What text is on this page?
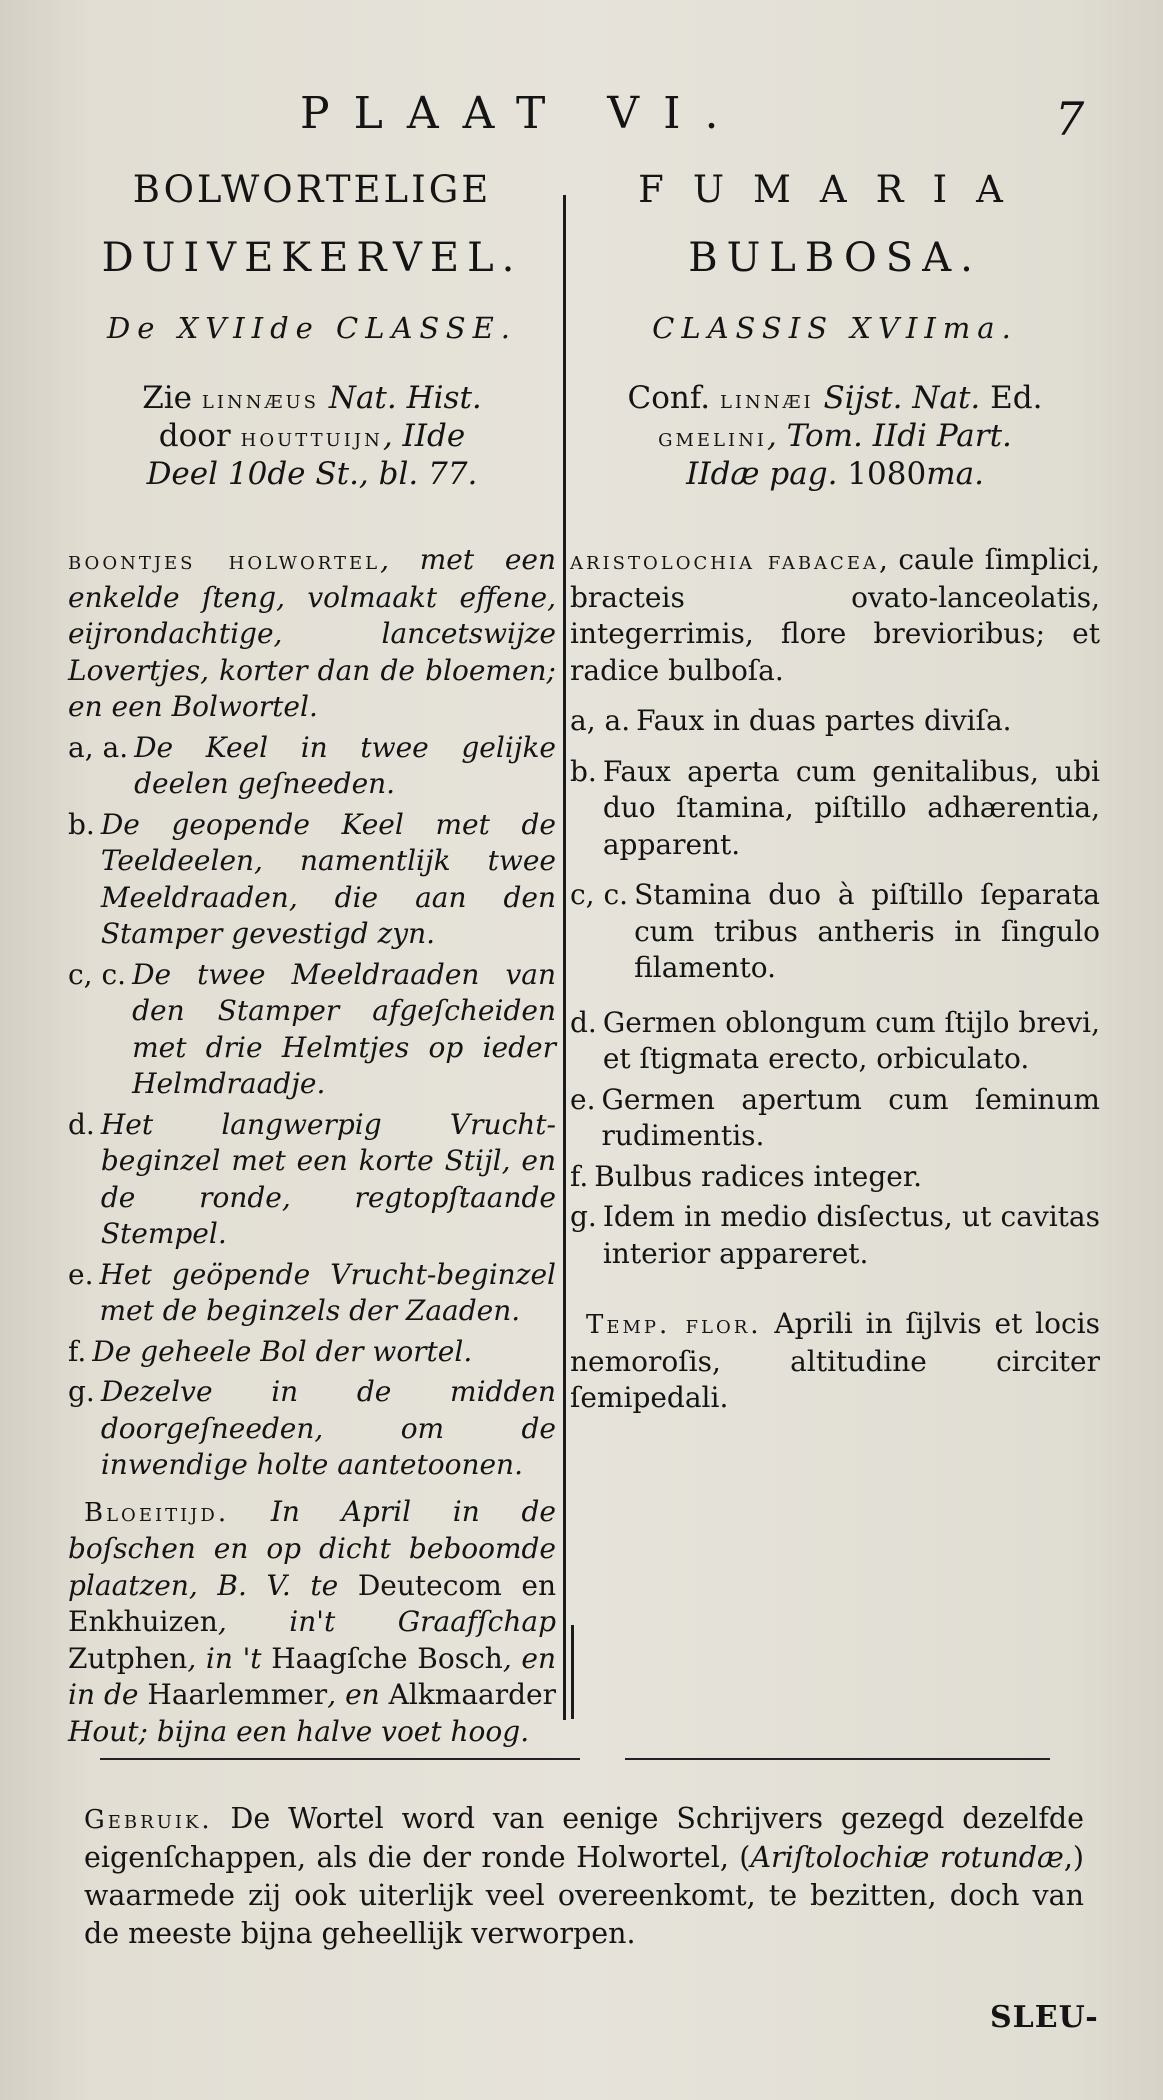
PLAAT VI.	7

BOLWORTELIGE

DUIVEKERVEL.

De XVIIde CLASSE.

Zie linnæus Nat. Hist.
door houttuijn, IIde
Deel 10de St., bl. 77.
boontjes holwortel, met een enkelde ſteng, volmaakt effene, eijrondachtige, lancetswijze Lovertjes, korter dan de bloemen; en een Bolwortel.
a, a. De Keel in twee gelijke deelen geſneeden.
b. De geopende Keel met de Teeldeelen, namentlijk twee Meeldraaden, die aan den Stamper gevestigd zyn.
c, c. De twee Meeldraaden van den Stamper afgeſcheiden met drie Helmtjes op ieder Helmdraadje.
d. Het langwerpig Vrucht-beginzel met een korte Stijl, en de ronde, regtopſtaande Stempel.
e. Het geöpende Vrucht-beginzel met de beginzels der Zaaden.
f. De geheele Bol der wortel.
g. Dezelve in de midden doorgeſneeden, om de inwendige holte aantetoonen.
Bloeitijd. In April in de boſschen en op dicht beboomde plaatzen, B. V. te Deutecom en Enkhuizen, in't Graafſchap Zutphen, in 't Haagſche Bosch, en in de Haarlemmer, en Alkmaarder Hout; bijna een halve voet hoog.

FUMARIA

BULBOSA.

CLASSIS XVIIma.

Conf. linnæi Sijst. Nat. Ed.
gmelini, Tom. IIdi Part.
IIdæ pag. 1080ma.
aristolochia fabacea, caule ſimplici, bracteis ovato-lanceolatis, integerrimis, flore brevioribus; et radice bulboſa.
a, a. Faux in duas partes diviſa.
b. Faux aperta cum genitalibus, ubi duo ſtamina, piſtillo adhærentia, apparent.
c, c. Stamina duo à piſtillo ſeparata cum tribus antheris in ſingulo filamento.
d. Germen oblongum cum ſtijlo brevi, et ſtigmata erecto, orbiculato.
e. Germen apertum cum ſeminum rudimentis.
f. Bulbus radices integer.
g. Idem in medio disſectus, ut cavitas interior appareret.
Temp. flor. Aprili in ſijlvis et locis nemoroſis, altitudine circiter ſemipedali.
Gebruik. De Wortel word van eenige Schrijvers gezegd dezelfde eigenſchappen, als die der ronde Holwortel, (Ariſtolochiæ rotundæ,) waarmede zij ook uiterlijk veel overeenkomt, te bezitten, doch van de meeste bijna geheellijk verworpen.
SLEU-
